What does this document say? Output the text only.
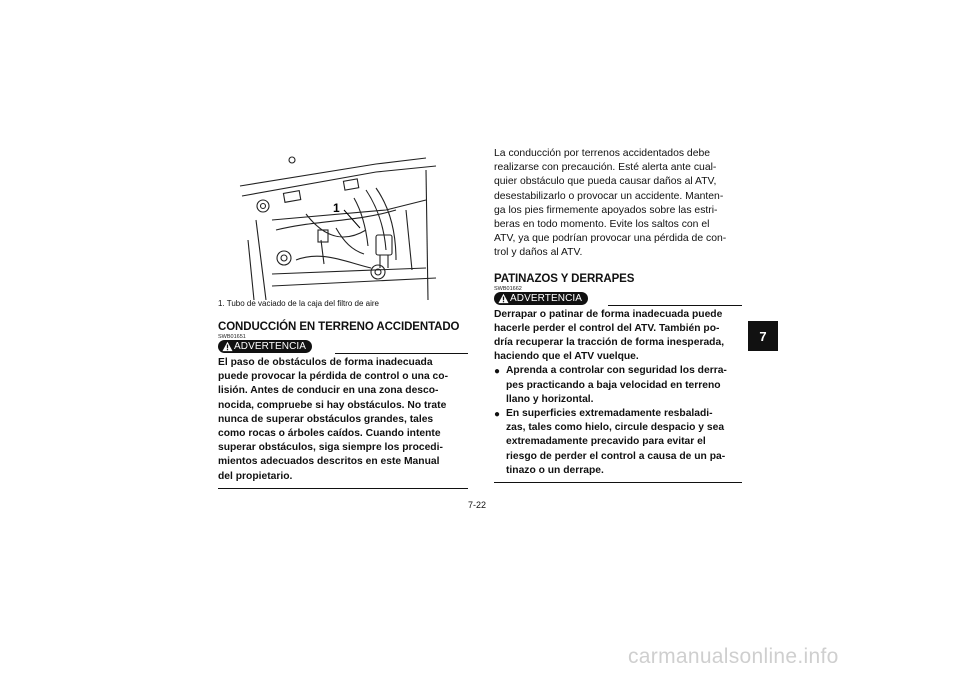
1
1. Tubo de vaciado de la caja del filtro de aire
CONDUCCIÓN EN TERRENO ACCIDENTADO
SWB01651
ADVERTENCIA
El paso de obstáculos de forma inadecuada
puede provocar la pérdida de control o una co-
lisión. Antes de conducir en una zona desco-
nocida, compruebe si hay obstáculos. No trate
nunca de superar obstáculos grandes, tales
como rocas o árboles caídos. Cuando intente
superar obstáculos, siga siempre los procedi-
mientos adecuados descritos en este Manual
del propietario.
La conducción por terrenos accidentados debe
realizarse con precaución. Esté alerta ante cual-
quier obstáculo que pueda causar daños al ATV,
desestabilizarlo o provocar un accidente. Manten-
ga los pies firmemente apoyados sobre las estri-
beras en todo momento. Evite los saltos con el
ATV, ya que podrían provocar una pérdida de con-
trol y daños al ATV.
PATINAZOS Y DERRAPES
SWB01662
ADVERTENCIA
Derrapar o patinar de forma inadecuada puede
hacerle perder el control del ATV. También po-
dría recuperar la tracción de forma inesperada,
haciendo que el ATV vuelque.
● Aprenda a controlar con seguridad los derra-
pes practicando a baja velocidad en terreno
llano y horizontal.
● En superficies extremadamente resbaladi-
zas, tales como hielo, circule despacio y sea
extremadamente precavido para evitar el
riesgo de perder el control a causa de un pa-
tinazo o un derrape.
7
7-22
carmanualsonline.info
